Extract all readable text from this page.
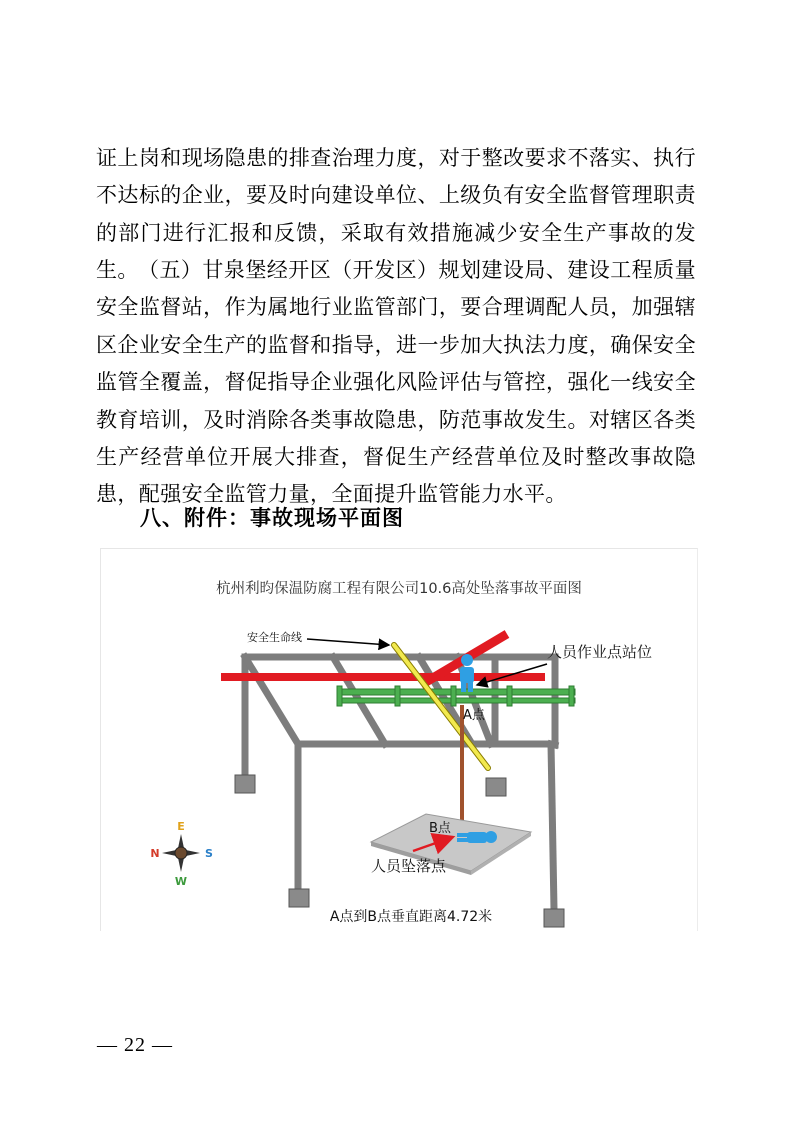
证上岗和现场隐患的排查治理力度，对于整改要求不落实、执行不达标的企业，要及时向建设单位、上级负有安全监督管理职责的部门进行汇报和反馈，采取有效措施减少安全生产事故的发生。 （五）甘泉堡经开区（开发区）规划建设局、建设工程质量安全监督站，作为属地行业监管部门，要合理调配人员，加强辖区企业安全生产的监督和指导，进一步加大执法力度，确保安全监管全覆盖，督促指导企业强化风险评估与管控，强化一线安全教育培训，及时消除各类事故隐患，防范事故发生。对辖区各类生产经营单位开展大排查，督促生产经营单位及时整改事故隐患，配强安全监管力量，全面提升监管能力水平。

八、附件：事故现场平面图

杭州利昀保温防腐工程有限公司10.6高处坠落事故平面图
安全生命线
人员作业点站位
A点
B点
人员坠落点
A点到B点垂直距离4.72米
E
N	S
W
— 22 —
